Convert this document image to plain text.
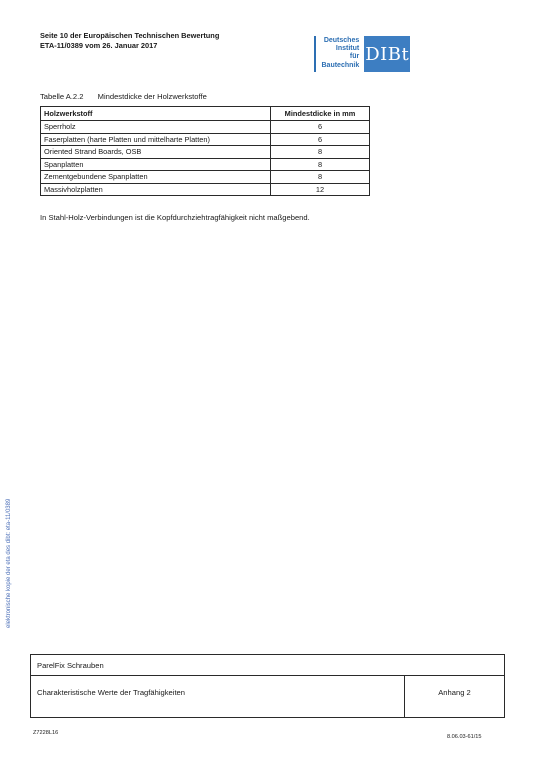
Seite 10 der Europäischen Technischen Bewertung
ETA-11/0389 vom 26. Januar 2017
Deutsches
Institut
für
Bautechnik
DIBt
Tabelle A.2.2 Mindestdicke der Holzwerkstoffe
Holzwerkstoff	Mindestdicke in mm
Sperrholz	6
Faserplatten (harte Platten und mittelharte Platten)	6
Oriented Strand Boards, OSB	8
Spanplatten	8
Zementgebundene Spanplatten	8
Massivholzplatten	12
In Stahl-Holz-Verbindungen ist die Kopfdurchziehtragfähigkeit nicht maßgebend.
elektronische kopie der eta des dibt: eta-11/0389
ParelFix Schrauben
Charakteristische Werte der Tragfähigkeiten	Anhang 2
Z7228L16
8.06.03-61/15
